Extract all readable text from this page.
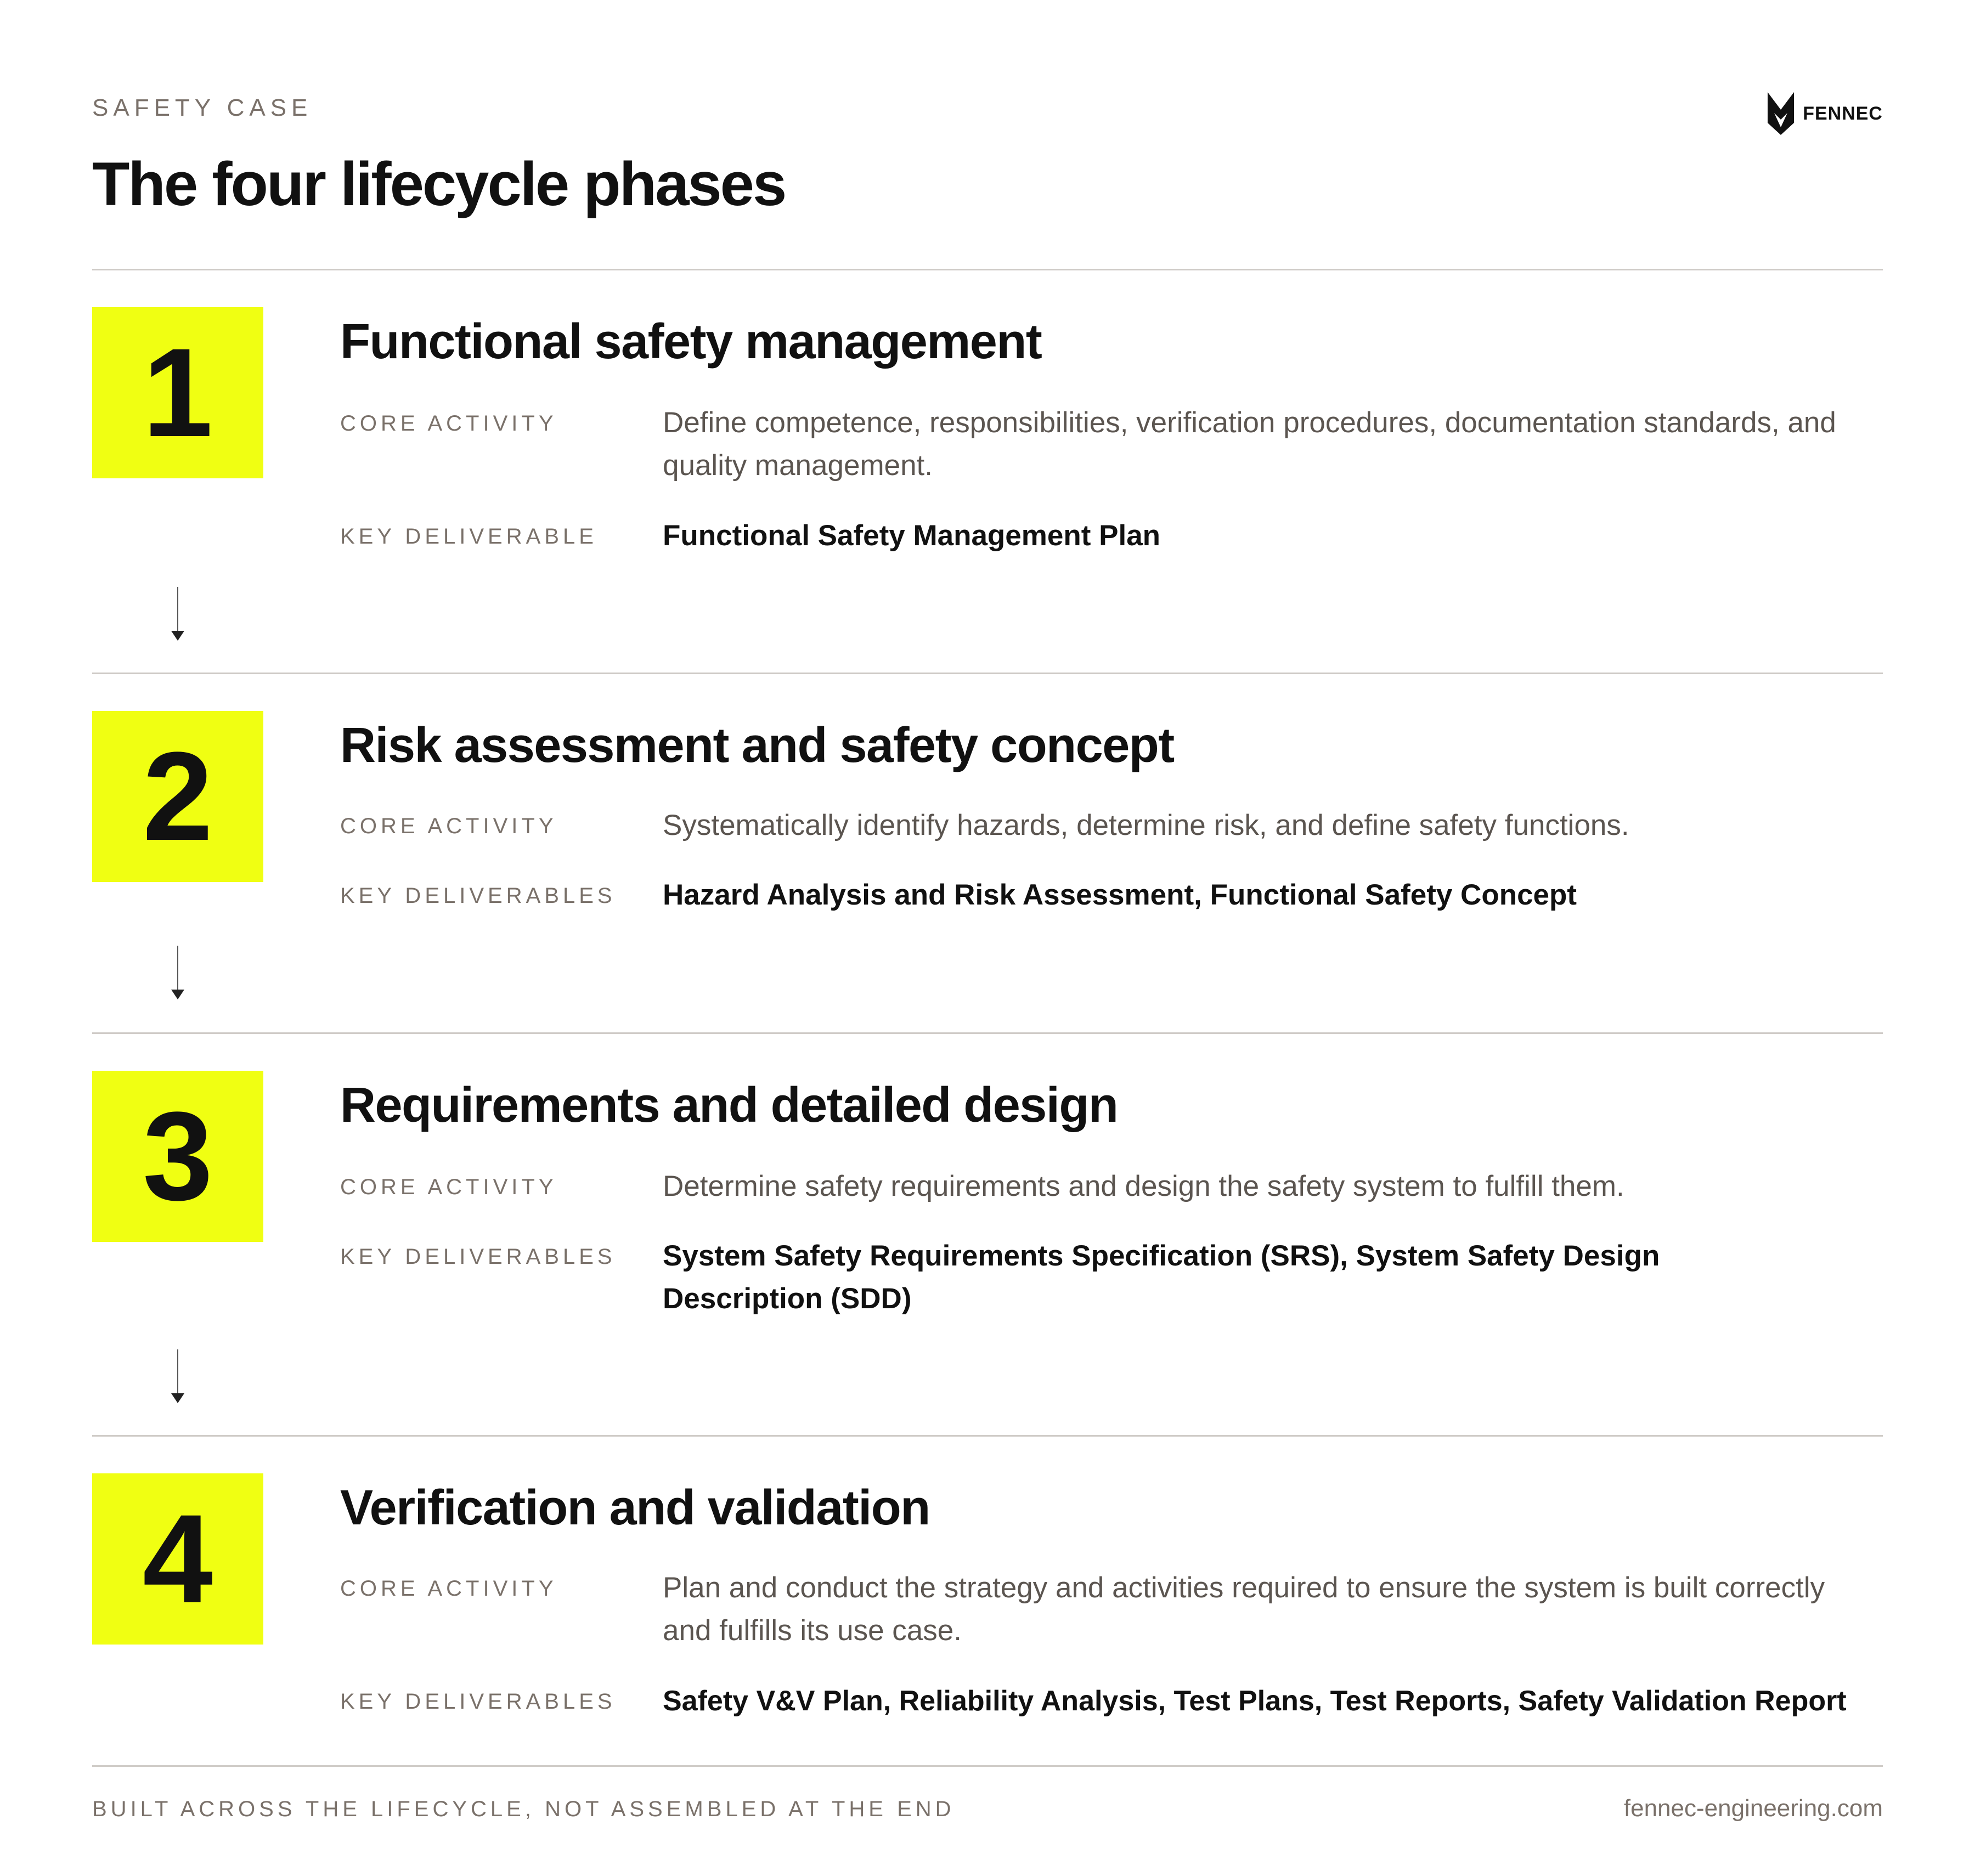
SAFETY CASE
The four lifecycle phases
FENNEC
1	Functional safety management
CORE ACTIVITY	Define competence, responsibilities, verification procedures, documentation standards, and quality management.
KEY DELIVERABLE Functional Safety Management Plan
2	Risk assessment and safety concept
CORE ACTIVITY	Systematically identify hazards, determine risk, and define safety functions.
KEY DELIVERABLES Hazard Analysis and Risk Assessment, Functional Safety Concept
3	Requirements and detailed design
CORE ACTIVITY	Determine safety requirements and design the safety system to fulfill them.
KEY DELIVERABLES System Safety Requirements Specification (SRS), System Safety Design Description (SDD)
4	Verification and validation
CORE ACTIVITY	Plan and conduct the strategy and activities required to ensure the system is built correctly and fulfills its use case.
KEY DELIVERABLES Safety V&V Plan, Reliability Analysis, Test Plans, Test Reports, Safety Validation Report
BUILT ACROSS THE LIFECYCLE, NOT ASSEMBLED AT THE END	fennec-engineering.com
